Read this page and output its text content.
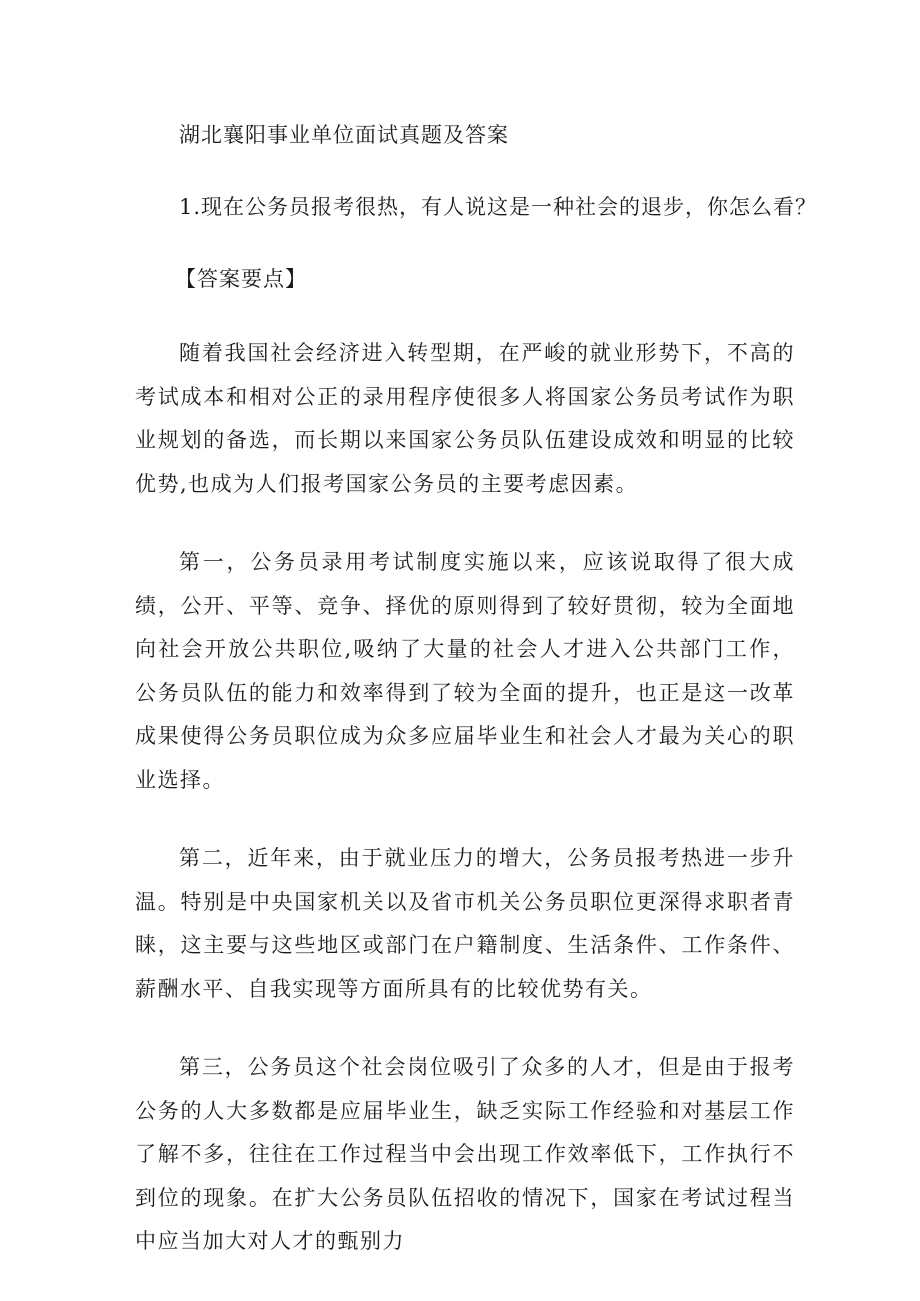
湖北襄阳事业单位面试真题及答案

1.现在公务员报考很热，有人说这是一种社会的退步，你怎么看？

【答案要点】

随着我国社会经济进入转型期，在严峻的就业形势下，不高的考试成本和相对公正的录用程序使很多人将国家公务员考试作为职业规划的备选，而长期以来国家公务员队伍建设成效和明显的比较优势,也成为人们报考国家公务员的主要考虑因素。

第一，公务员录用考试制度实施以来，应该说取得了很大成绩，公开、平等、竞争、择优的原则得到了较好贯彻，较为全面地向社会开放公共职位,吸纳了大量的社会人才进入公共部门工作，公务员队伍的能力和效率得到了较为全面的提升，也正是这一改革成果使得公务员职位成为众多应届毕业生和社会人才最为关心的职业选择。

第二，近年来，由于就业压力的增大，公务员报考热进一步升温。特别是中央国家机关以及省市机关公务员职位更深得求职者青睐，这主要与这些地区或部门在户籍制度、生活条件、工作条件、薪酬水平、自我实现等方面所具有的比较优势有关。

第三，公务员这个社会岗位吸引了众多的人才，但是由于报考公务的人大多数都是应届毕业生，缺乏实际工作经验和对基层工作了解不多，往往在工作过程当中会出现工作效率低下，工作执行不到位的现象。在扩大公务员队伍招收的情况下，国家在考试过程当中应当加大对人才的甄别力
